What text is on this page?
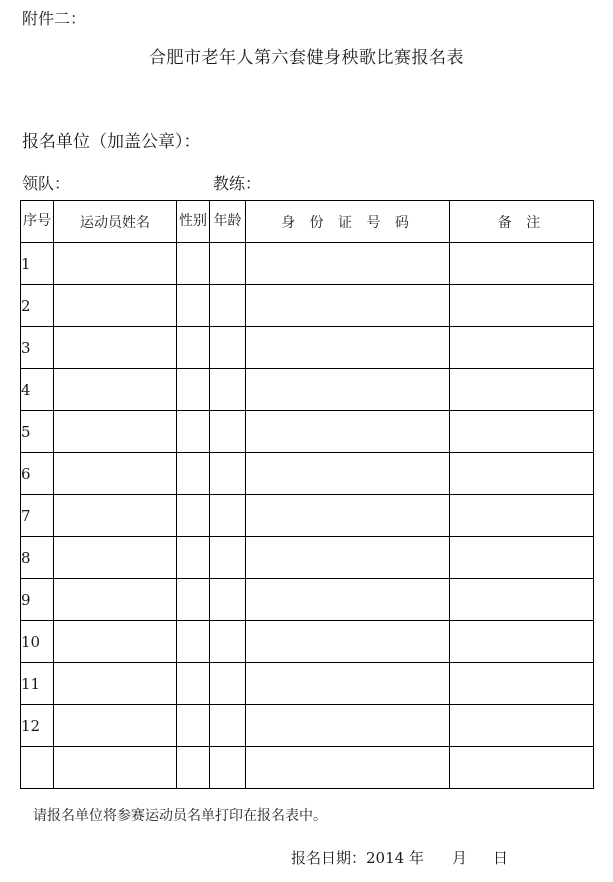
附件二：
合肥市老年人第六套健身秧歌比赛报名表
报名单位（加盖公章）：
领队：	教练：
序号	运动员姓名	性别	年龄	身 份 证 号 码	备 注
1					
2					
3					
4					
5					
6					
7					
8					
9					
10					
11					
12					

请报名单位将参赛运动员名单打印在报名表中。
报名日期：2014 年 月 日
